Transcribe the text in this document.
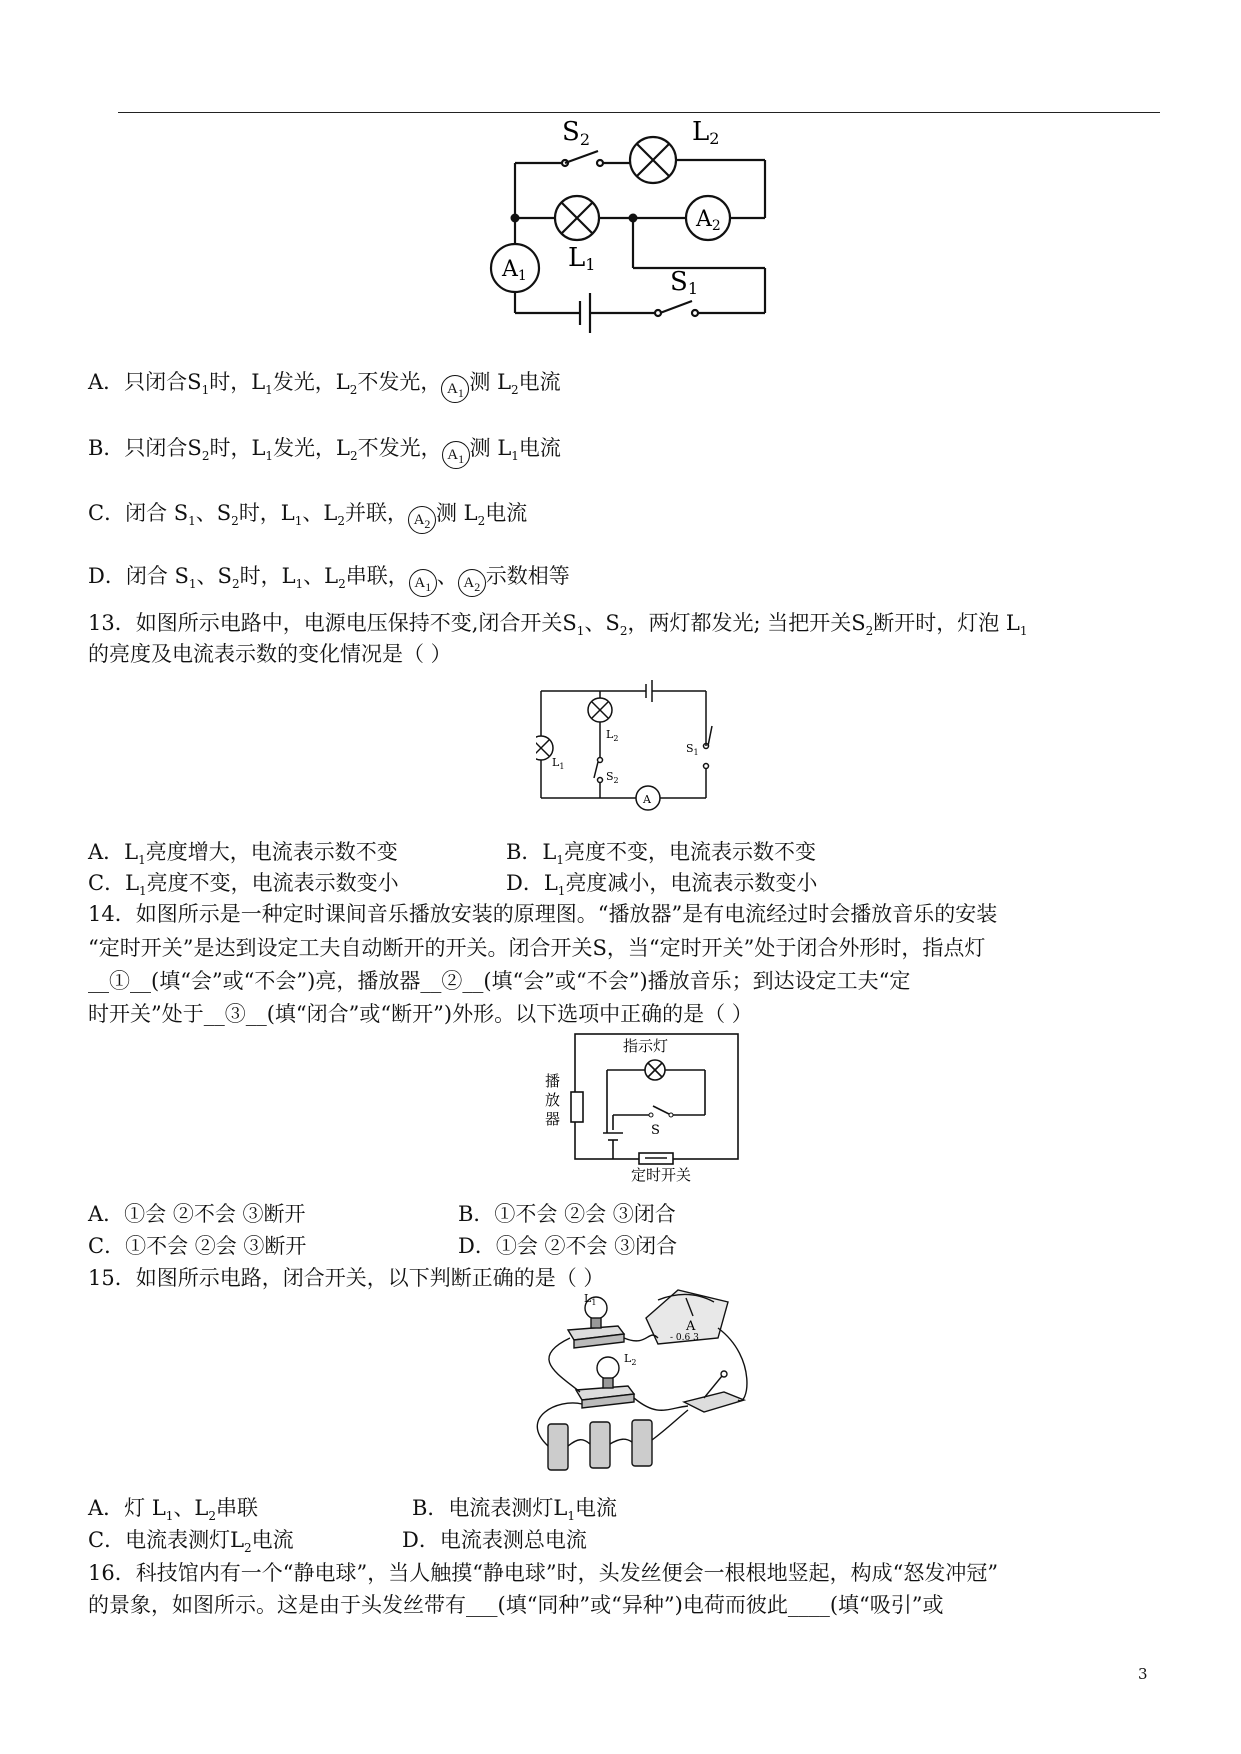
S2	L2
A2
L1
A1	S1
A．只闭合$S_1$时，$L_1$发光，$L_2$不发光， $A_1$ 测 $L_2$电流
B．只闭合$S_2$时，$L_1$发光，$L_2$不发光， $A_1$ 测 $L_1$电流
C．闭合 $S_1$、$S_2$时，$L_1$、$L_2$并联， $A_2$ 测 $L_2$电流
D．闭合 $S_1$、$S_2$时，$L_1$、$L_2$串联， $A_1$ 、 $A_2$ 示数相等
13．如图所示电路中，电源电压保持不变,闭合开关$S_1$、$S_2$，两灯都发光; 当把开关$S_2$断开时，灯泡 $L_1$
的亮度及电流表示数的变化情况是（ ）
$L_2$
$L_1$
$S_2$
$S_1$
A
A．$L_1$亮度增大，电流表示数不变	B．$L_1$亮度不变，电流表示数不变
C．$L_1$亮度不变，电流表示数变小	D．$L_1$亮度减小，电流表示数变小
14．如图所示是一种定时课间音乐播放安装的原理图。“播放器”是有电流经过时会播放音乐的安装
“定时开关”是达到设定工夫自动断开的开关。闭合开关S，当“定时开关”处于闭合外形时，指点灯
__①__(填“会”或“不会”)亮，播放器__②__(填“会”或“不会”)播放音乐；到达设定工夫“定
时开关”处于__③__(填“闭合”或“断开”)外形。以下选项中正确的是（ ）
指示灯
播
放
器
S
定时开关
A．①会 ②不会 ③断开	B．①不会 ②会 ③闭合
C．①不会 ②会 ③断开	D．①会 ②不会 ③闭合
15．如图所示电路，闭合开关，以下判断正确的是（ ）
$L_1$
$L_2$
A
- 0.6 3
A．灯 $L_1$、$L_2$串联	B．电流表测灯$L_1$电流
C．电流表测灯$L_2$电流	D．电流表测总电流
16．科技馆内有一个“静电球”，当人触摸“静电球”时，头发丝便会一根根地竖起，构成“怒发冲冠”
的景象，如图所示。这是由于头发丝带有___(填“同种”或“异种”)电荷而彼此____(填“吸引”或
3
